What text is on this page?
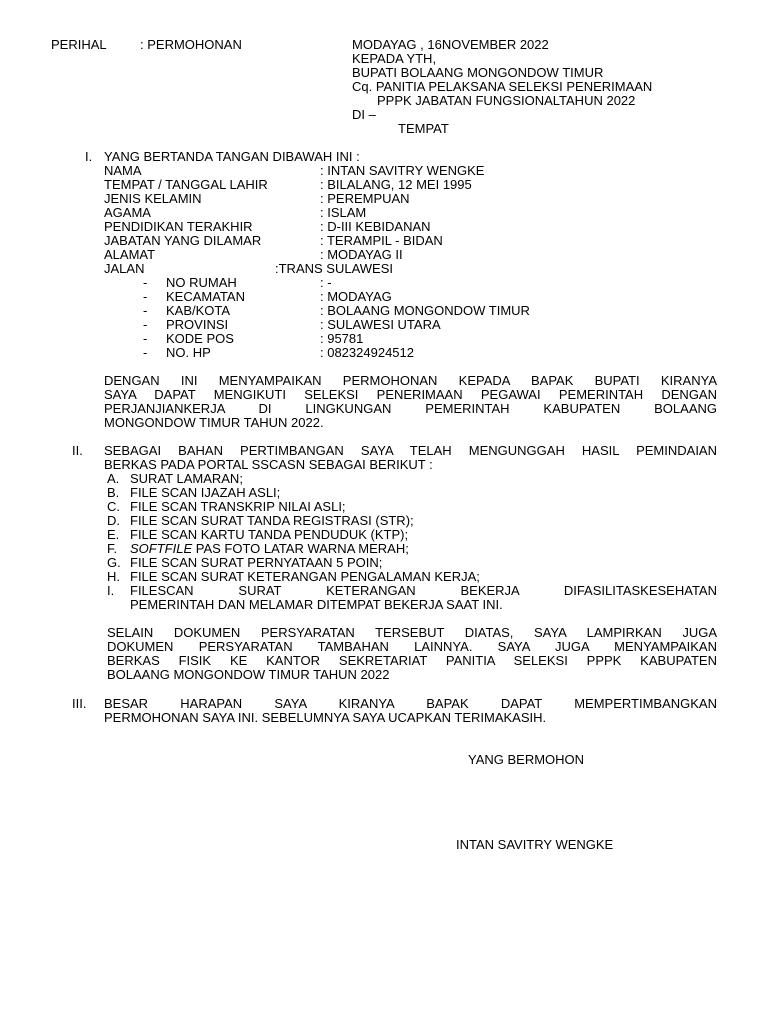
PERIHAL	: PERMOHONAN	MODAYAG , 16NOVEMBER 2022
KEPADA YTH,
BUPATI BOLAANG MONGONDOW TIMUR
Cq. PANITIA PELAKSANA SELEKSI PENERIMAAN
PPPK JABATAN FUNGSIONALTAHUN 2022
DI –
TEMPAT
I. YANG BERTANDA TANGAN DIBAWAH INI :
NAMA	: INTAN SAVITRY WENGKE
TEMPAT / TANGGAL LAHIR	: BILALANG, 12 MEI 1995
JENIS KELAMIN	: PEREMPUAN
AGAMA	: ISLAM
PENDIDIKAN TERAKHIR	: D-III KEBIDANAN
JABATAN YANG DILAMAR	: TERAMPIL - BIDAN
ALAMAT	: MODAYAG II
JALAN	:TRANS SULAWESI
- NO RUMAH	: -
- KECAMATAN	: MODAYAG
- KAB/KOTA	: BOLAANG MONGONDOW TIMUR
- PROVINSI	: SULAWESI UTARA
- KODE POS	: 95781
- NO. HP	: 082324924512
DENGAN INI MENYAMPAIKAN PERMOHONAN KEPADA BAPAK BUPATI KIRANYA
SAYA DAPAT MENGIKUTI SELEKSI PENERIMAAN PEGAWAI PEMERINTAH DENGAN
PERJANJIANKERJA DI LINGKUNGAN PEMERINTAH KABUPATEN BOLAANG
MONGONDOW TIMUR TAHUN 2022.
II. SEBAGAI BAHAN PERTIMBANGAN SAYA TELAH MENGUNGGAH HASIL PEMINDAIAN
BERKAS PADA PORTAL SSCASN SEBAGAI BERIKUT :
A. SURAT LAMARAN;
B. FILE SCAN IJAZAH ASLI;
C. FILE SCAN TRANSKRIP NILAI ASLI;
D. FILE SCAN SURAT TANDA REGISTRASI (STR);
E. FILE SCAN KARTU TANDA PENDUDUK (KTP);
F. SOFTFILE PAS FOTO LATAR WARNA MERAH;
G. FILE SCAN SURAT PERNYATAAN 5 POIN;
H. FILE SCAN SURAT KETERANGAN PENGALAMAN KERJA;
I. FILESCAN SURAT KETERANGAN BEKERJA DIFASILITASKESEHATAN
PEMERINTAH DAN MELAMAR DITEMPAT BEKERJA SAAT INI.
SELAIN DOKUMEN PERSYARATAN TERSEBUT DIATAS, SAYA LAMPIRKAN JUGA
DOKUMEN PERSYARATAN TAMBAHAN LAINNYA. SAYA JUGA MENYAMPAIKAN
BERKAS FISIK KE KANTOR SEKRETARIAT PANITIA SELEKSI PPPK KABUPATEN
BOLAANG MONGONDOW TIMUR TAHUN 2022
III. BESAR HARAPAN SAYA KIRANYA BAPAK DAPAT MEMPERTIMBANGKAN
PERMOHONAN SAYA INI. SEBELUMNYA SAYA UCAPKAN TERIMAKASIH.
YANG BERMOHON
INTAN SAVITRY WENGKE
